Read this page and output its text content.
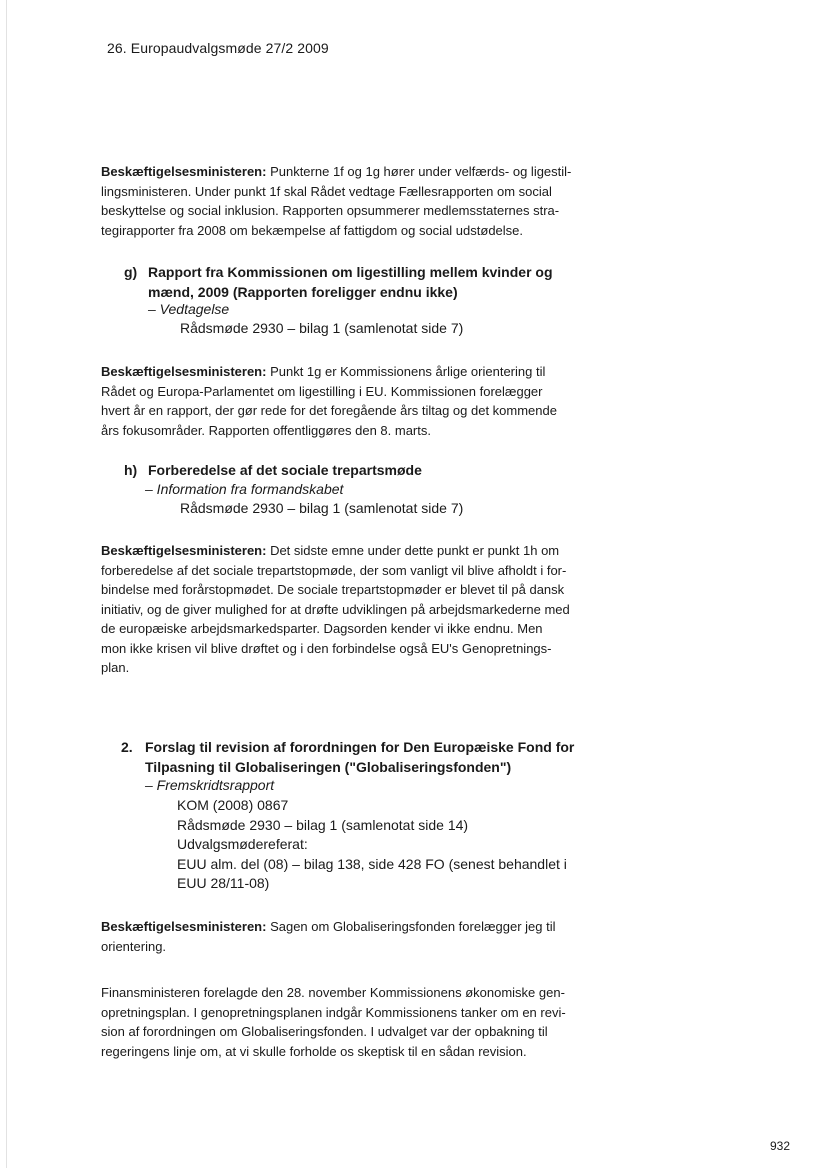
26. Europaudvalgsmøde 27/2 2009

Beskæftigelsesministeren: Punkterne 1f og 1g hører under velfærds- og ligestil-
lingsministeren. Under punkt 1f skal Rådet vedtage Fællesrapporten om social
beskyttelse og social inklusion. Rapporten opsummerer medlemsstaternes stra-
tegirapporter fra 2008 om bekæmpelse af fattigdom og social udstødelse.

g) Rapport fra Kommissionen om ligestilling mellem kvinder og
mænd, 2009 (Rapporten foreligger endnu ikke)
– Vedtagelse
Rådsmøde 2930 – bilag 1 (samlenotat side 7)

Beskæftigelsesministeren: Punkt 1g er Kommissionens årlige orientering til
Rådet og Europa-Parlamentet om ligestilling i EU. Kommissionen forelægger
hvert år en rapport, der gør rede for det foregående års tiltag og det kommende
års fokusområder. Rapporten offentliggøres den 8. marts.

h) Forberedelse af det sociale trepartsmøde
– Information fra formandskabet
Rådsmøde 2930 – bilag 1 (samlenotat side 7)

Beskæftigelsesministeren: Det sidste emne under dette punkt er punkt 1h om
forberedelse af det sociale trepartstopmøde, der som vanligt vil blive afholdt i for-
bindelse med forårstopmødet. De sociale trepartstopmøder er blevet til på dansk
initiativ, og de giver mulighed for at drøfte udviklingen på arbejdsmarkederne med
de europæiske arbejdsmarkedsparter. Dagsorden kender vi ikke endnu. Men
mon ikke krisen vil blive drøftet og i den forbindelse også EU's Genopretnings-
plan.

2. Forslag til revision af forordningen for Den Europæiske Fond for
Tilpasning til Globaliseringen ("Globaliseringsfonden")
– Fremskridtsrapport
KOM (2008) 0867
Rådsmøde 2930 – bilag 1 (samlenotat side 14)
Udvalgsmødereferat:
EUU alm. del (08) – bilag 138, side 428 FO (senest behandlet i
EUU 28/11-08)

Beskæftigelsesministeren: Sagen om Globaliseringsfonden forelægger jeg til
orientering.

Finansministeren forelagde den 28. november Kommissionens økonomiske gen-
opretningsplan. I genopretningsplanen indgår Kommissionens tanker om en revi-
sion af forordningen om Globaliseringsfonden. I udvalget var der opbakning til
regeringens linje om, at vi skulle forholde os skeptisk til en sådan revision.

932
